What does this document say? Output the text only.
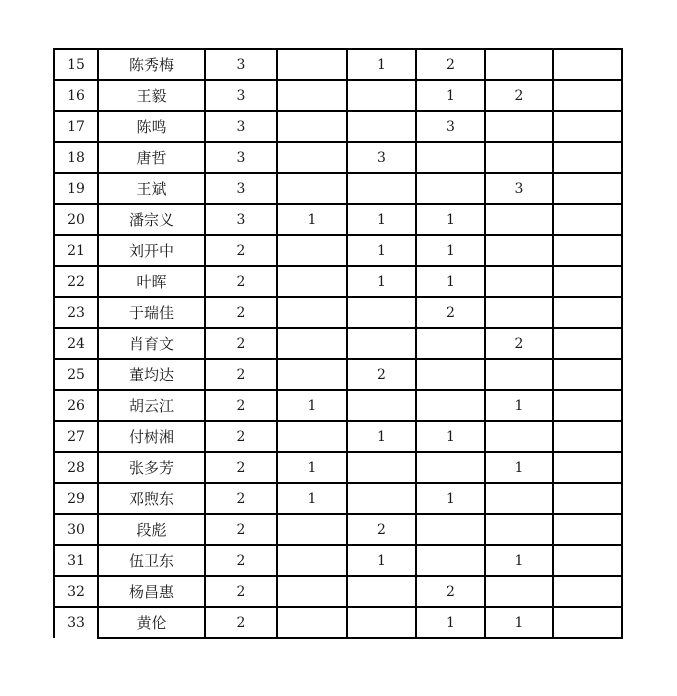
15	陈秀梅	3		1	2		
16	王毅	3			1	2	
17	陈鸣	3			3		
18	唐哲	3		3			
19	王斌	3				3	
20	潘宗义	3	1	1	1		
21	刘开中	2		1	1		
22	叶晖	2		1	1		
23	于瑞佳	2			2		
24	肖育文	2				2	
25	董均达	2		2			
26	胡云江	2	1			1	
27	付树湘	2		1	1		
28	张多芳	2	1			1	
29	邓煦东	2	1		1		
30	段彪	2		2			
31	伍卫东	2		1		1	
32	杨昌惠	2			2		
33	黄伦	2			1	1	
